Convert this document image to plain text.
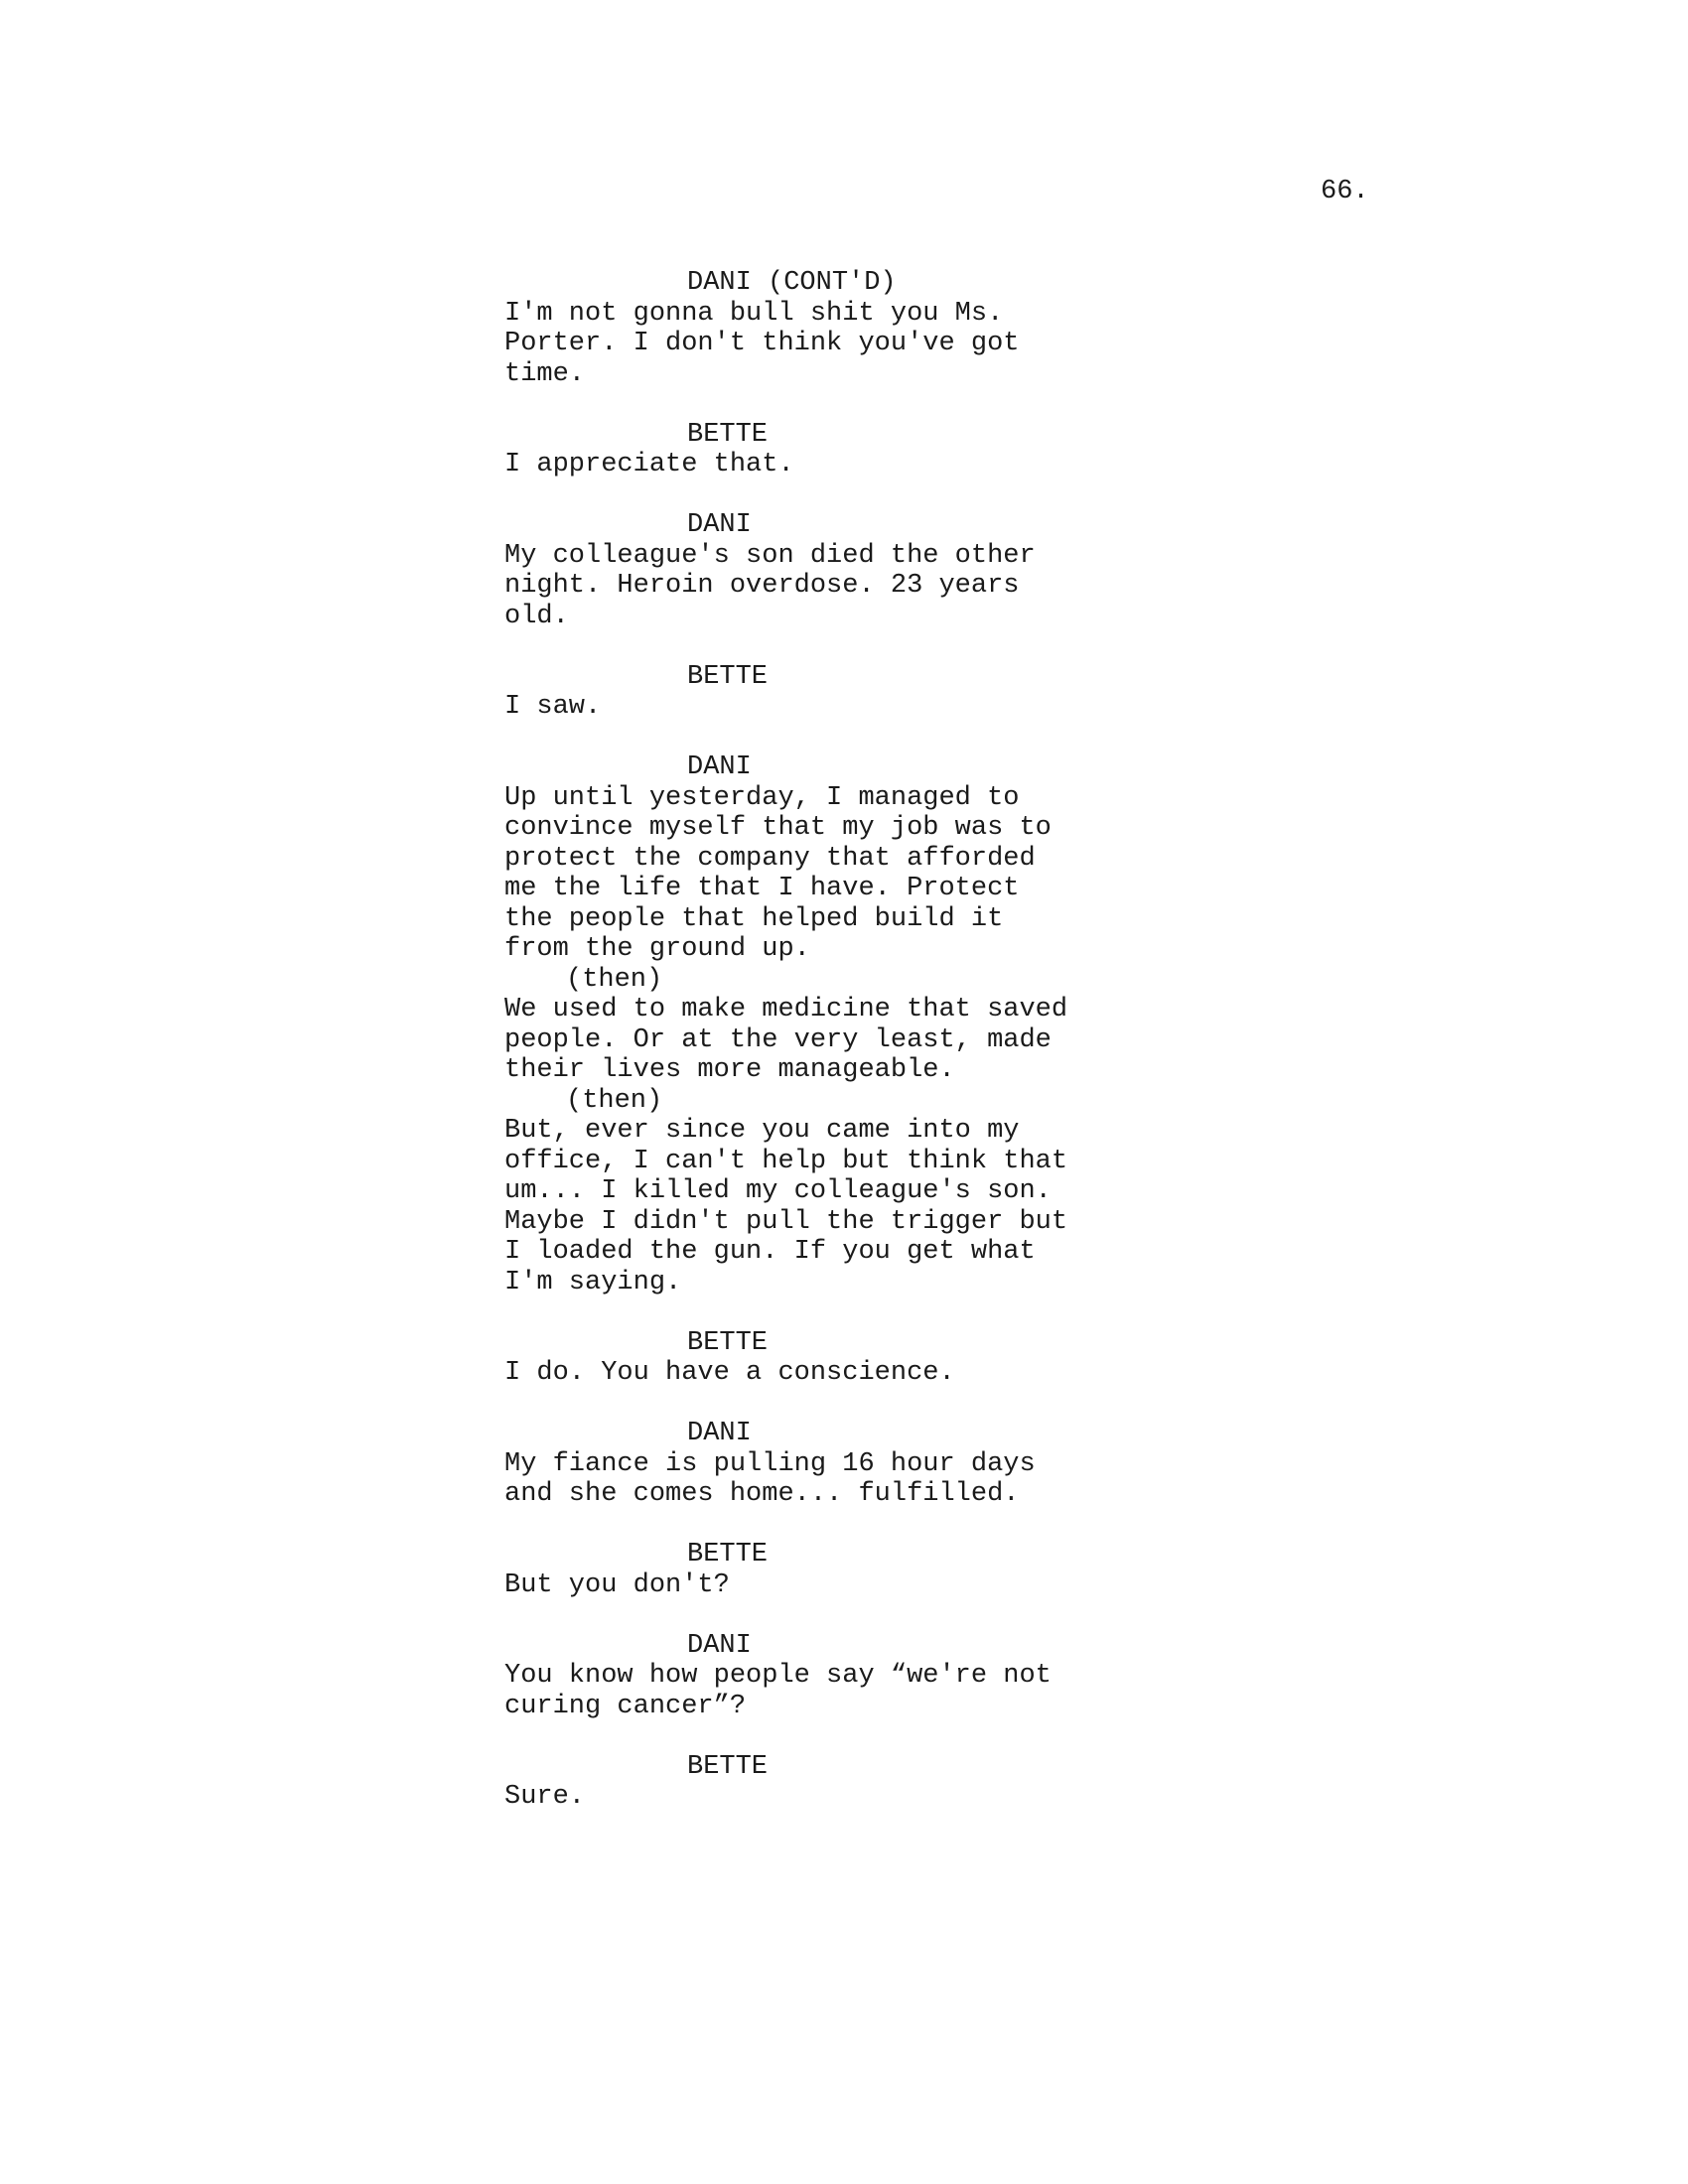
66.
DANI (CONT'D)
I'm not gonna bull shit you Ms.
Porter. I don't think you've got
time.
BETTE
I appreciate that.
DANI
My colleague's son died the other
night. Heroin overdose. 23 years
old.
BETTE
I saw.
DANI
Up until yesterday, I managed to
convince myself that my job was to
protect the company that afforded
me the life that I have. Protect
the people that helped build it
from the ground up.
(then)
We used to make medicine that saved
people. Or at the very least, made
their lives more manageable.
(then)
But, ever since you came into my
office, I can't help but think that
um... I killed my colleague's son.
Maybe I didn't pull the trigger but
I loaded the gun. If you get what
I'm saying.
BETTE
I do. You have a conscience.
DANI
My fiance is pulling 16 hour days
and she comes home... fulfilled.
BETTE
But you don't?
DANI
You know how people say “we're not
curing cancer”?
BETTE
Sure.
